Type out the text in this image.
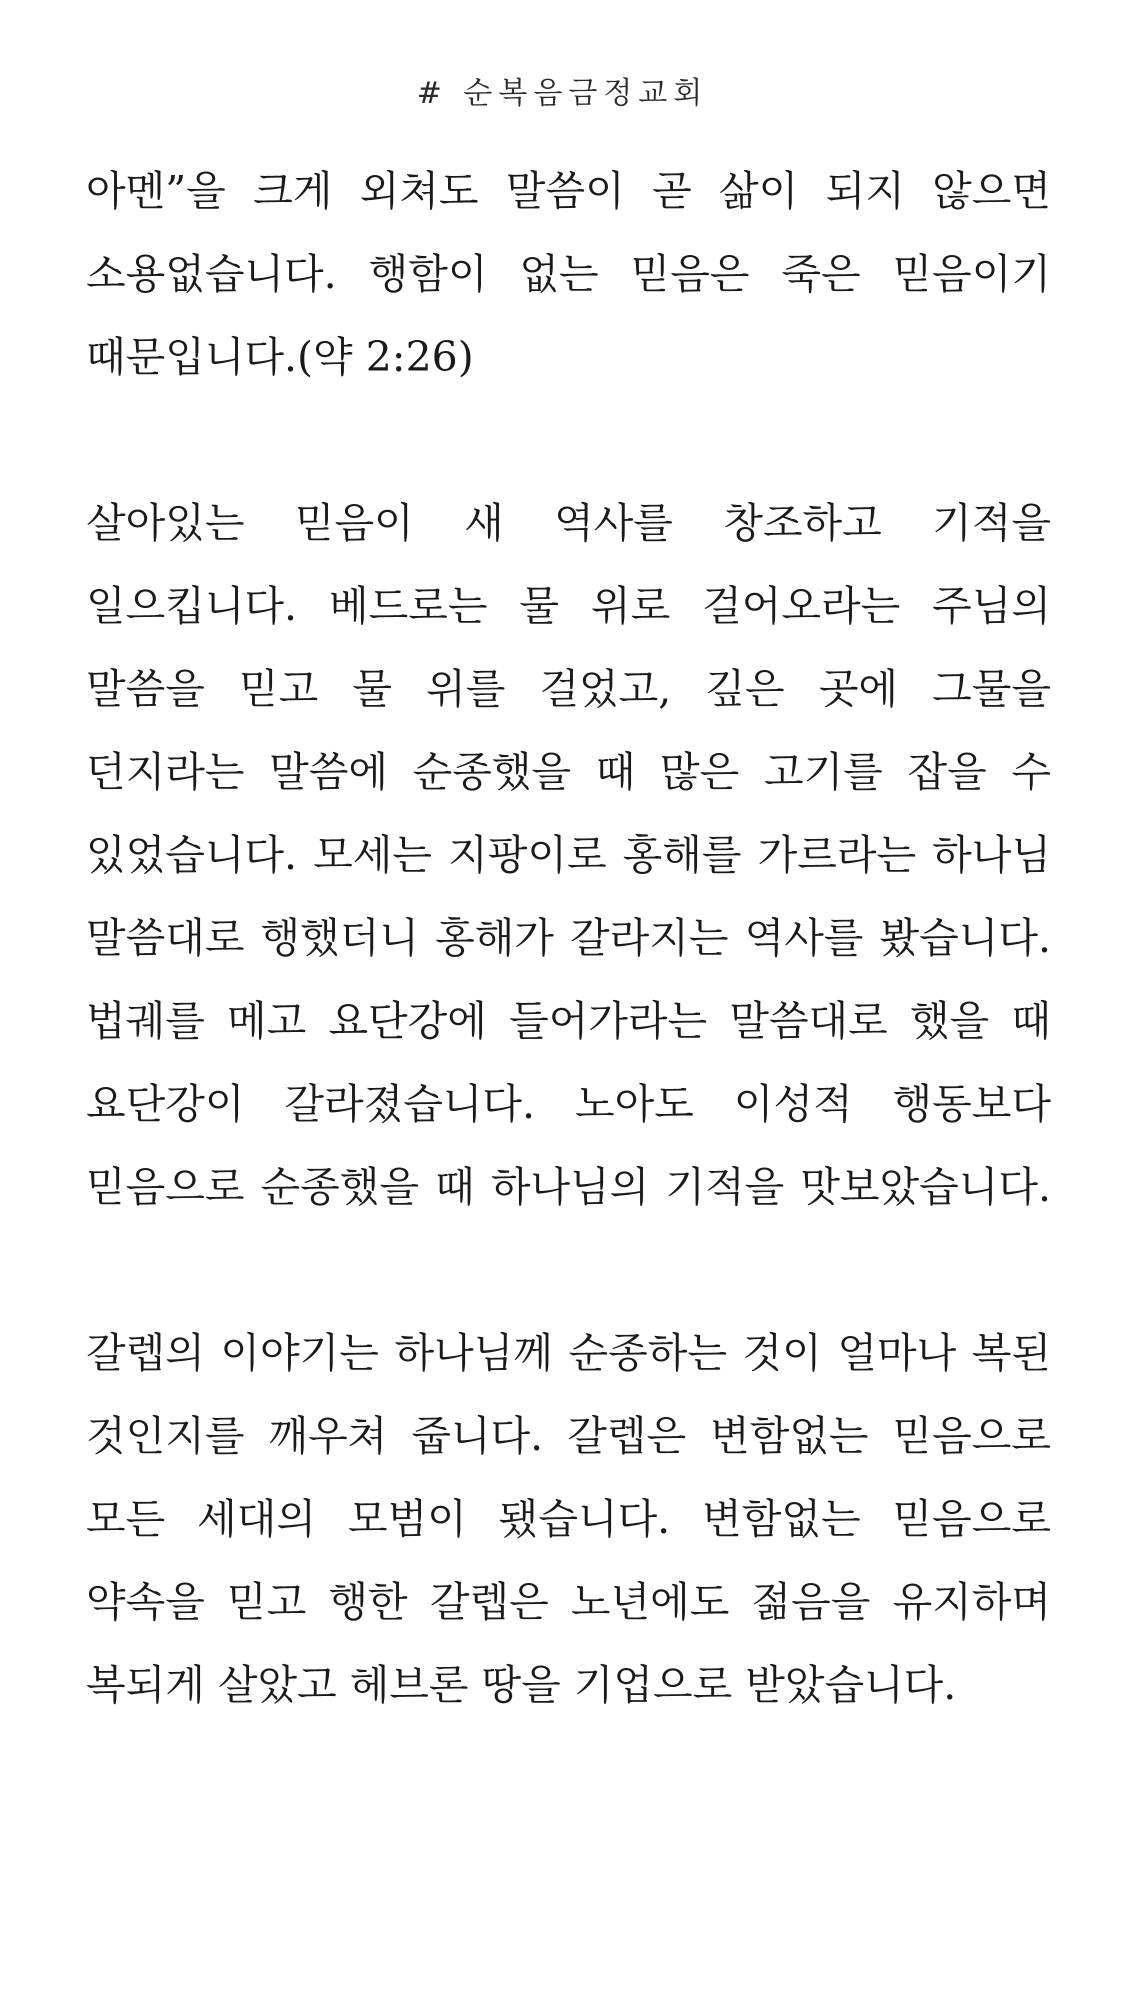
# 순복음금정교회
아멘”을 크게 외쳐도 말씀이 곧 삶이 되지 않으면
소용없습니다. 행함이 없는 믿음은 죽은 믿음이기
때문입니다.(약 2:26)
살아있는 믿음이 새 역사를 창조하고 기적을
일으킵니다. 베드로는 물 위로 걸어오라는 주님의
말씀을 믿고 물 위를 걸었고, 깊은 곳에 그물을
던지라는 말씀에 순종했을 때 많은 고기를 잡을 수
있었습니다. 모세는 지팡이로 홍해를 가르라는 하나님
말씀대로 행했더니 홍해가 갈라지는 역사를 봤습니다.
법궤를 메고 요단강에 들어가라는 말씀대로 했을 때
요단강이 갈라졌습니다. 노아도 이성적 행동보다
믿음으로 순종했을 때 하나님의 기적을 맛보았습니다.
갈렙의 이야기는 하나님께 순종하는 것이 얼마나 복된
것인지를 깨우쳐 줍니다. 갈렙은 변함없는 믿음으로
모든 세대의 모범이 됐습니다. 변함없는 믿음으로
약속을 믿고 행한 갈렙은 노년에도 젊음을 유지하며
복되게 살았고 헤브론 땅을 기업으로 받았습니다.
